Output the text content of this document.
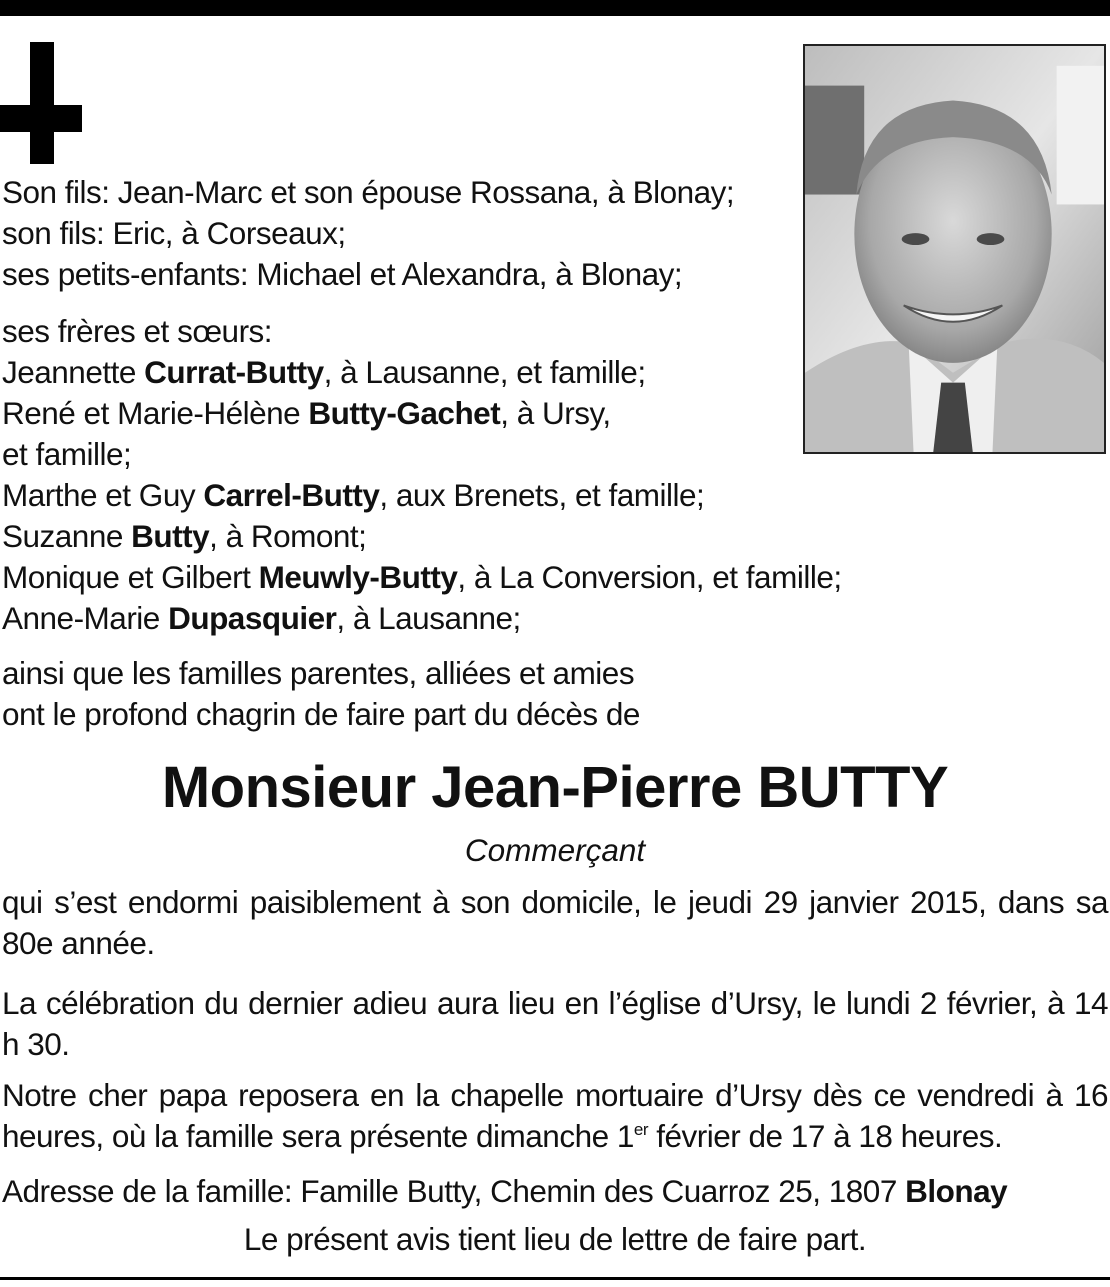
Son fils: Jean-Marc et son épouse Rossana, à Blonay;
son fils: Eric, à Corseaux;
ses petits-enfants: Michael et Alexandra, à Blonay;
ses frères et sœurs:
Jeannette Currat-Butty, à Lausanne, et famille;
René et Marie-Hélène Butty-Gachet, à Ursy,
et famille;
Marthe et Guy Carrel-Butty, aux Brenets, et famille;
Suzanne Butty, à Romont;
Monique et Gilbert Meuwly-Butty, à La Conversion, et famille;
Anne-Marie Dupasquier, à Lausanne;
ainsi que les familles parentes, alliées et amies
ont le profond chagrin de faire part du décès de
Monsieur Jean-Pierre BUTTY
Commerçant
qui s’est endormi paisiblement à son domicile, le jeudi 29 janvier 2015, dans sa 80e année.
La célébration du dernier adieu aura lieu en l’église d’Ursy, le lundi 2 février, à 14 h 30.
Notre cher papa reposera en la chapelle mortuaire d’Ursy dès ce vendredi à 16 heures, où la famille sera présente dimanche 1er février de 17 à 18 heures.
Adresse de la famille: Famille Butty, Chemin des Cuarroz 25, 1807 Blonay
Le présent avis tient lieu de lettre de faire part.
